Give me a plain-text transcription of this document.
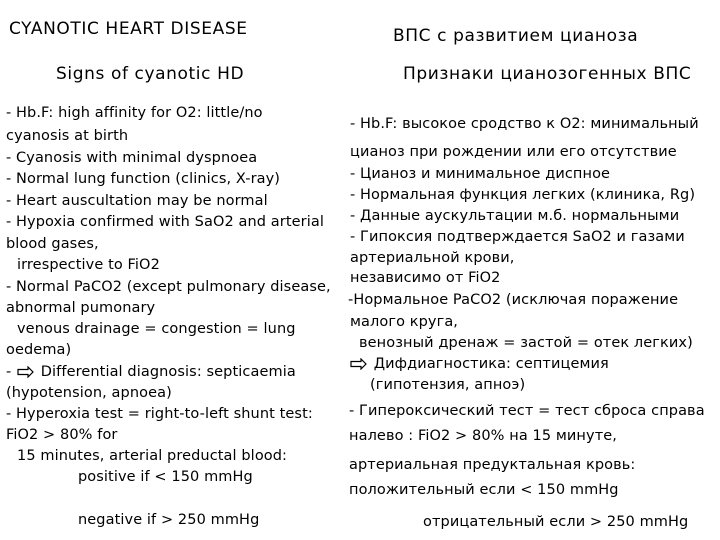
CYANOTIC HEART DISEASE
Signs of cyanotic HD
- Hb.F: high affinity for O2: little/no
cyanosis at birth
- Cyanosis with minimal dyspnoea
- Normal lung function (clinics, X-ray)
- Heart auscultation may be normal
- Hypoxia confirmed with SaO2 and arterial
blood gases,
irrespective to FiO2
- Normal PaCO2 (except pulmonary disease,
abnormal pumonary
venous drainage = congestion = lung
oedema)
- Differential diagnosis: septicaemia
(hypotension, apnoea)
- Hyperoxia test = right-to-left shunt test:
FiO2 > 80% for
15 minutes, arterial preductal blood:
positive if < 150 mmHg
negative if > 250 mmHg
ВПС с развитием цианоза
Признаки цианозогенных ВПС
- Hb.F: высокое сродство к О2: минимальный
цианоз при рождении или его отсутствие
- Цианоз и минимальное диспное
- Нормальная функция легких (клиника, Rg)
- Данные аускультации м.б. нормальными
- Гипоксия подтверждается SaO2 и газами
артериальной крови,
независимо от FiO2
-Нормальное PaCO2 (исключая поражение
малого круга,
венозный дренаж = застой = отек легких)
Дифдиагностика: септицемия
(гипотензия, апноэ)
- Гипероксический тест = тест сброса справа
налево : FiO2 > 80% на 15 минуте,
артериальная предуктальная кровь:
положительный если < 150 mmHg
отрицательный если > 250 mmHg
